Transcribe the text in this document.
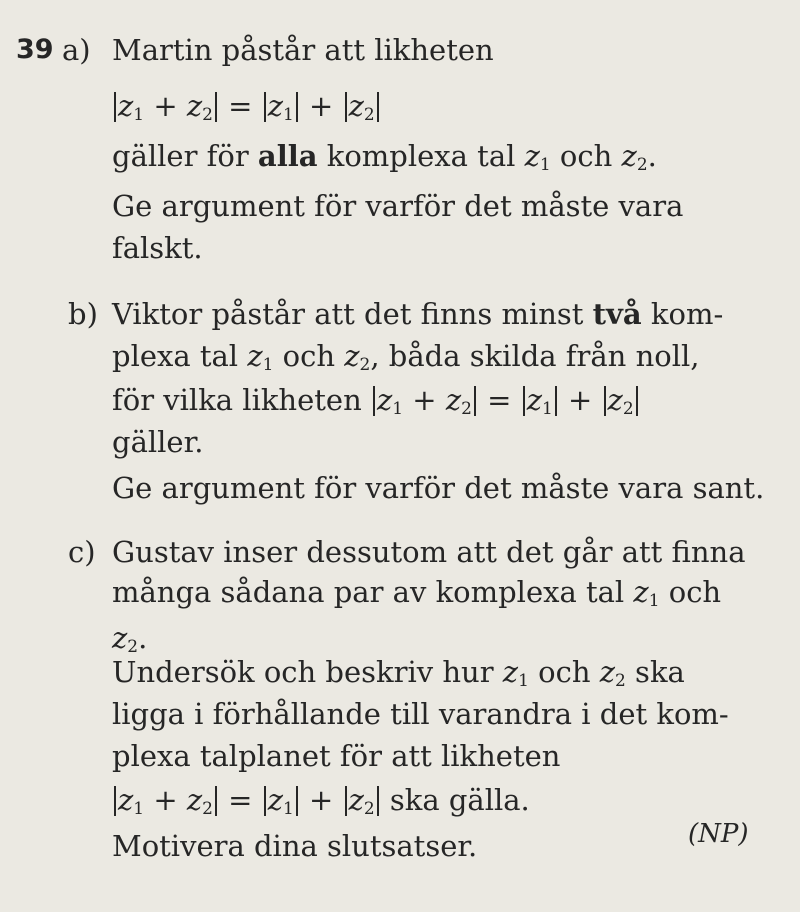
39 a) Martin påstår att likheten
$z_1 + z_2 = z_1 + z_2$
gäller för alla komplexa tal $z_1$ och $z_2$.
Ge argument för varför det måste vara
falskt.
b) Viktor påstår att det finns minst två kom-
plexa tal $z_1$ och $z_2$, båda skilda från noll,
för vilka likheten $z_1 + z_2 = z_1 + z_2$
gäller.
Ge argument för varför det måste vara sant.
c) Gustav inser dessutom att det går att finna
många sådana par av komplexa tal $z_1$ och
$z_2$.
Undersök och beskriv hur $z_1$ och $z_2$ ska
ligga i förhållande till varandra i det kom-
plexa talplanet för att likheten
$z_1 + z_2 = z_1 + z_2$ ska gälla.
Motivera dina slutsatser.	(NP)
